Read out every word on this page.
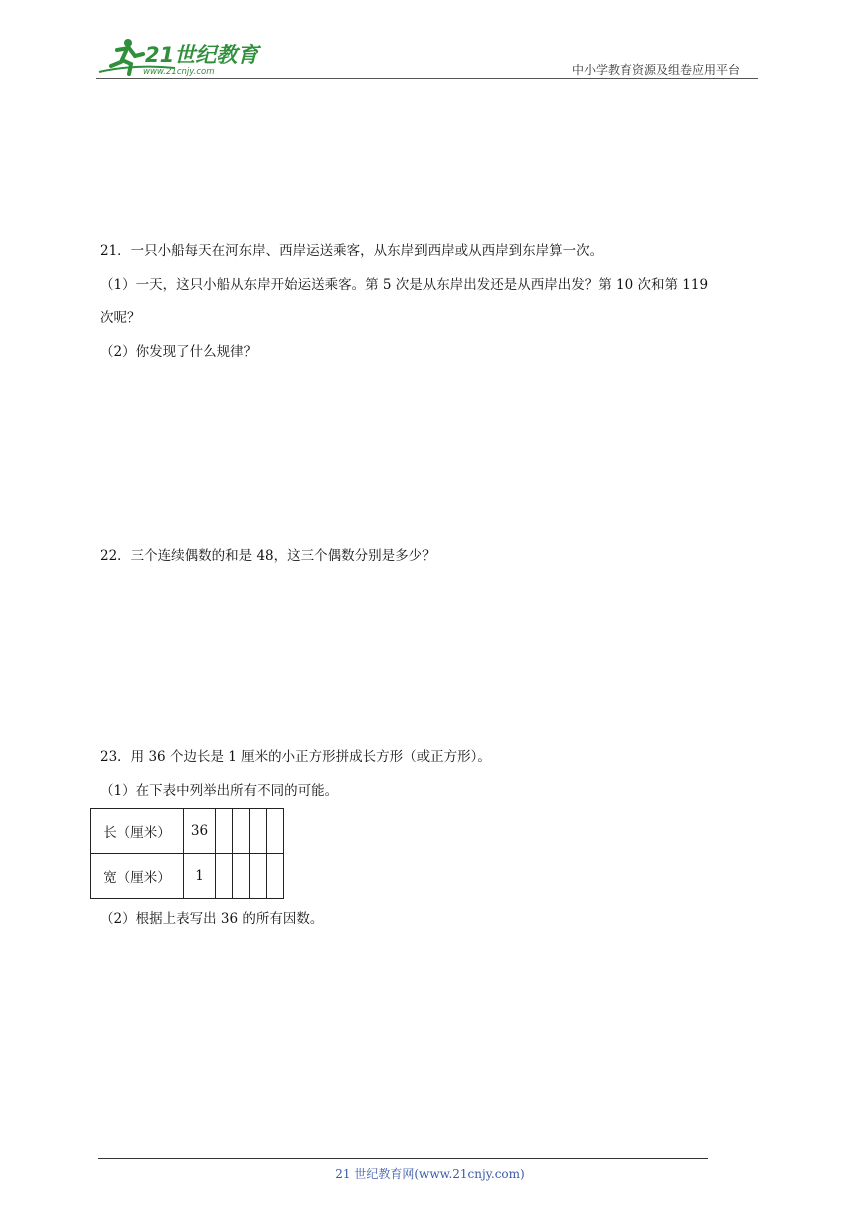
21世纪教育
www.21cnjy.com	中小学教育资源及组卷应用平台
21．一只小船每天在河东岸、西岸运送乘客，从东岸到西岸或从西岸到东岸算一次。
（1）一天，这只小船从东岸开始运送乘客。第 5 次是从东岸出发还是从西岸出发？第 10 次和第 119
次呢？
（2）你发现了什么规律？
22．三个连续偶数的和是 48，这三个偶数分别是多少？
23．用 36 个边长是 1 厘米的小正方形拼成长方形（或正方形）。
（1）在下表中列举出所有不同的可能。
长（厘米）	36				
宽（厘米）	1				
（2）根据上表写出 36 的所有因数。
21 世纪教育网(www.21cnjy.com)
